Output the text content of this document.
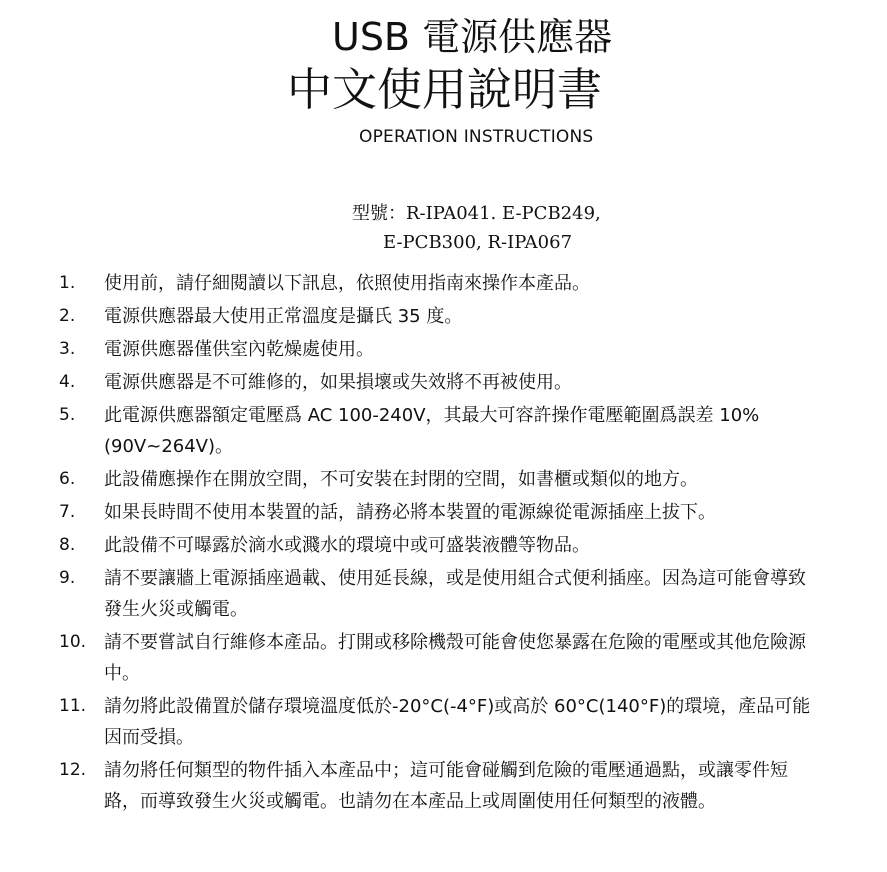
USB 電源供應器
中文使用說明書
OPERATION INSTRUCTIONS
型號：R-IPA041. E-PCB249,
E-PCB300, R-IPA067
1. 使用前，請仔細閱讀以下訊息，依照使用指南來操作本產品。
2. 電源供應器最大使用正常溫度是攝氏 35 度。
3. 電源供應器僅供室內乾燥處使用。
4. 電源供應器是不可維修的，如果損壞或失效將不再被使用。
5. 此電源供應器額定電壓爲 AC 100-240V，其最大可容許操作電壓範圍爲誤差 10% (90V~264V)。
6. 此設備應操作在開放空間，不可安裝在封閉的空間，如書櫃或類似的地方。
7. 如果長時間不使用本裝置的話，請務必將本裝置的電源線從電源插座上拔下。
8. 此設備不可曝露於滴水或濺水的環境中或可盛裝液體等物品。
9. 請不要讓牆上電源插座過載、使用延長線，或是使用組合式便利插座。因為這可能會導致發生火災或觸電。
10. 請不要嘗試自行維修本產品。打開或移除機殼可能會使您暴露在危險的電壓或其他危險源中。
11. 請勿將此設備置於儲存環境溫度低於-20°C(-4°F)或高於 60°C(140°F)的環境，產品可能因而受損。
12. 請勿將任何類型的物件插入本產品中；這可能會碰觸到危險的電壓通過點，或讓零件短路，而導致發生火災或觸電。也請勿在本產品上或周圍使用任何類型的液體。
